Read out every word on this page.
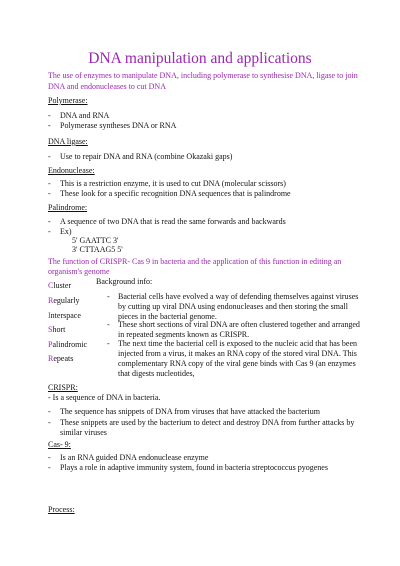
DNA manipulation and applications
The use of enzymes to manipulate DNA, including polymerase to synthesise DNA, ligase to join DNA and endonucleases to cut DNA
Polymerase:
- DNA and RNA
- Polymerase syntheses DNA or RNA
DNA ligase:
- Use to repair DNA and RNA (combine Okazaki gaps)
Endonuclease:
- This is a restriction enzyme, it is used to cut DNA (molecular scissors)
- These look for a specific recognition DNA sequences that is palindrome
Palindrome:
- A sequence of two DNA that is read the same forwards and backwards
- Ex)
5' GAATTC 3'
3' CTTAAG5 5'
The function of CRISPR- Cas 9 in bacteria and the application of this function in editing an organism's genome
Cluster
Regularly
Interspace
Short
Palindromic
Repeats
Background info:
- Bacterial cells have evolved a way of defending themselves against viruses by cutting up viral DNA using endonucleases and then storing the small pieces in the bacterial genome.
- These short sections of viral DNA are often clustered together and arranged in repeated segments known as CRISPR.
- The next time the bacterial cell is exposed to the nucleic acid that has been injected from a virus, it makes an RNA copy of the stored viral DNA. This complementary RNA copy of the viral gene binds with Cas 9 (an enzymes that digests nucleotides,
CRISPR:
- Is a sequence of DNA in bacteria.
- The sequence has snippets of DNA from viruses that have attacked the bacterium
- These snippets are used by the bacterium to detect and destroy DNA from further attacks by similar viruses
Cas- 9:
- Is an RNA guided DNA endonuclease enzyme
- Plays a role in adaptive immunity system, found in bacteria streptococcus pyogenes
Process:
